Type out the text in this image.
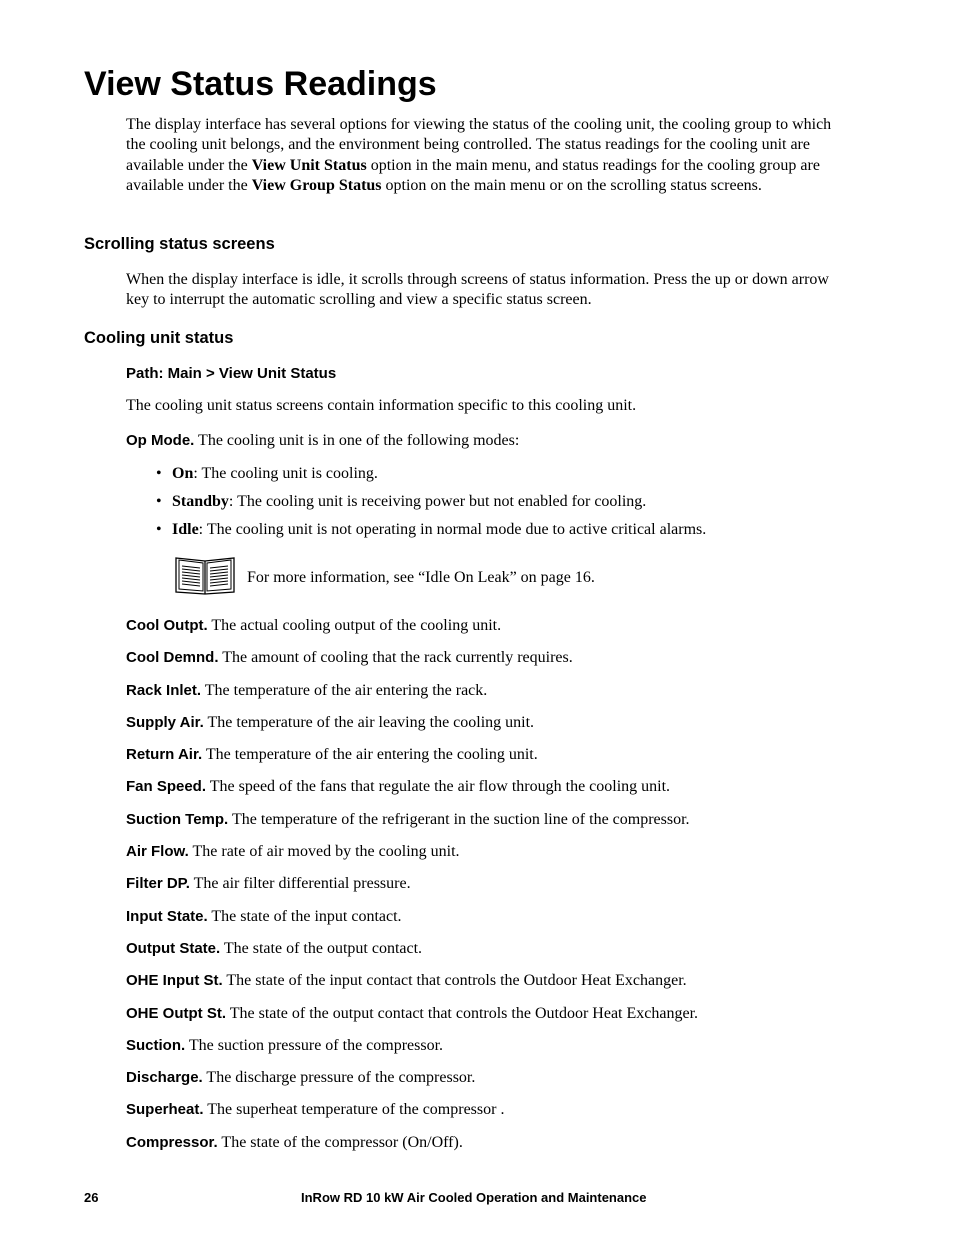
View Status Readings

The display interface has several options for viewing the status of the cooling unit, the cooling group to which the cooling unit belongs, and the environment being controlled. The status readings for the cooling unit are available under the View Unit Status option in the main menu, and status readings for the cooling group are available under the View Group Status option on the main menu or on the scrolling status screens.

Scrolling status screens

When the display interface is idle, it scrolls through screens of status information. Press the up or down arrow key to interrupt the automatic scrolling and view a specific status screen.

Cooling unit status
Path: Main > View Unit Status

The cooling unit status screens contain information specific to this cooling unit.

Op Mode. The cooling unit is in one of the following modes:

• On: The cooling unit is cooling.
• Standby: The cooling unit is receiving power but not enabled for cooling.
• Idle: The cooling unit is not operating in normal mode due to active critical alarms.

For more information, see “Idle On Leak” on page 16.

Cool Outpt. The actual cooling output of the cooling unit.

Cool Demnd. The amount of cooling that the rack currently requires.

Rack Inlet. The temperature of the air entering the rack.

Supply Air. The temperature of the air leaving the cooling unit.

Return Air. The temperature of the air entering the cooling unit.

Fan Speed. The speed of the fans that regulate the air flow through the cooling unit.

Suction Temp. The temperature of the refrigerant in the suction line of the compressor.

Air Flow. The rate of air moved by the cooling unit.

Filter DP. The air filter differential pressure.

Input State. The state of the input contact.

Output State. The state of the output contact.

OHE Input St. The state of the input contact that controls the Outdoor Heat Exchanger.

OHE Outpt St. The state of the output contact that controls the Outdoor Heat Exchanger.

Suction. The suction pressure of the compressor.

Discharge. The discharge pressure of the compressor.

Superheat. The superheat temperature of the compressor .

Compressor. The state of the compressor (On/Off).

26	InRow RD 10 kW Air Cooled Operation and Maintenance
